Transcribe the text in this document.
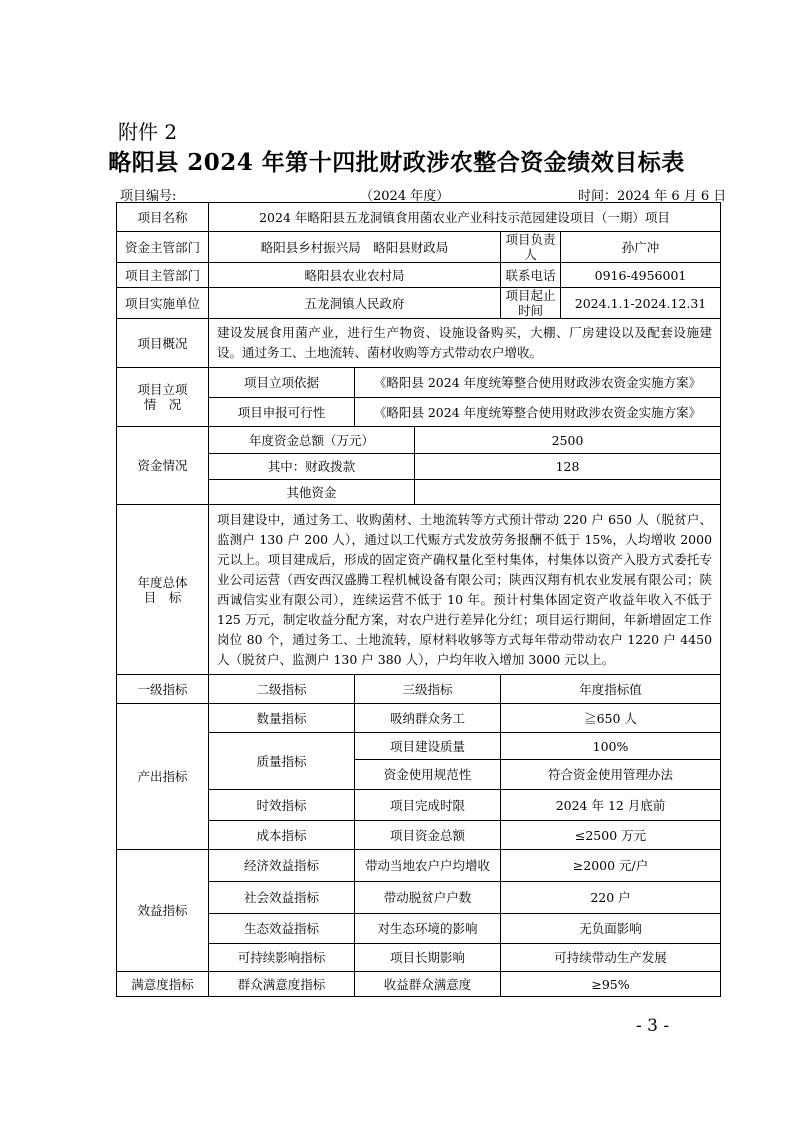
附件 2
略阳县 2024 年第十四批财政涉农整合资金绩效目标表
项目编号:	（2024 年度）	时间：2024 年 6 月 6 日
项目名称	2024 年略阳县五龙洞镇食用菌农业产业科技示范园建设项目（一期）项目				
资金主管部门	略阳县乡村振兴局　略阳县财政局			项目负责人	孙广冲
项目主管部门	略阳县农业农村局			联系电话	0916-4956001
项目实施单位	五龙洞镇人民政府			项目起止时间	2024.1.1-2024.12.31
项目概况	建设发展食用菌产业，进行生产物资、设施设备购买，大棚、厂房建设以及配套设施建设。通过务工、土地流转、菌材收购等方式带动农户增收。				

项目立项
情　况	项目立项依据	《略阳县 2024 年度统筹整合使用财政涉农资金实施方案》			
	项目申报可行性	《略阳县 2024 年度统筹整合使用财政涉农资金实施方案》			
资金情况	年度资金总额（万元）		2500		
	其中：财政拨款		128		
	其他资金				

年度总体
目　标	项目建设中，通过务工、收购菌材、土地流转等方式预计带动 220 户 650 人（脱贫户、监测户 130 户 200 人），通过以工代赈方式发放劳务报酬不低于 15%，人均增收 2000 元以上。项目建成后，形成的固定资产确权量化至村集体，村集体以资产入股方式委托专业公司运营（西安西汉盛腾工程机械设备有限公司；陕西汉翔有机农业发展有限公司；陕西诚信实业有限公司），连续运营不低于 10 年。预计村集体固定资产收益年收入不低于 125 万元，制定收益分配方案，对农户进行差异化分红；项目运行期间，年新增固定工作岗位 80 个，通过务工、土地流转，原材料收够等方式每年带动带动农户 1220 户 4450 人（脱贫户、监测户 130 户 380 人），户均年收入增加 3000 元以上。				
一级指标	二级指标	三级指标		年度指标值	
产出指标	数量指标	吸纳群众务工		≧650 人	
	质量指标	项目建设质量		100%	
		资金使用规范性		符合资金使用管理办法	
	时效指标	项目完成时限		2024 年 12 月底前	
	成本指标	项目资金总额		≤2500 万元	
效益指标	经济效益指标	带动当地农户户均增收		≥2000 元/户	
	社会效益指标	带动脱贫户户数		220 户	
	生态效益指标	对生态环境的影响		无负面影响	
	可持续影响指标	项目长期影响		可持续带动生产发展	
满意度指标	群众满意度指标	收益群众满意度		≥95%	
- 3 -
